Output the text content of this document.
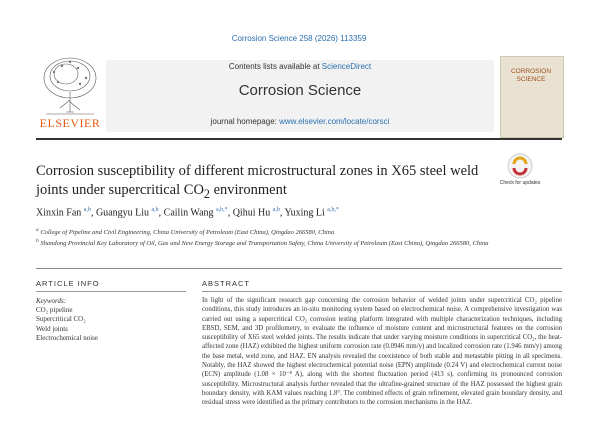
Corrosion Science 258 (2026) 113359
Contents lists available at ScienceDirect
Corrosion Science
journal homepage: www.elsevier.com/locate/corsci
ELSEVIER
CORROSION SCIENCE
Corrosion susceptibility of different microstructural zones in X65 steel weld
joints under supercritical $CO_2$ environment	Check for updates
Xinxin Fan $^{a,b}$, Guangyu Liu $^{a,b}$, Cailin Wang $^{a,b,*}$, Qihui Hu $^{a,b}$, Yuxing Li $^{a,b,*}$
$^a$ College of Pipeline and Civil Engineering, China University of Petroleum (East China), Qingdao 266580, China
$^b$ Shandong Provincial Key Laboratory of Oil, Gas and New Energy Storage and Transportation Safety, China University of Petroleum (East China), Qingdao 266580, China
ARTICLE INFO	ABSTRACT
Keywords:
CO₂ pipeline
Supercritical CO₂
Weld joints
Electrochemical noise
In light of the significant research gap concerning the corrosion behavior of welded joints under supercritical CO₂ pipeline conditions, this study introduces an in-situ monitoring system based on electrochemical noise. A comprehensive investigation was carried out using a supercritical CO₂ corrosion testing platform integrated with multiple characterization techniques, including EBSD, SEM, and 3D profilometry, to evaluate the influence of moisture content and microstructural features on the corrosion susceptibility of X65 steel welded joints. The results indicate that under varying moisture conditions in supercritical CO₂, the heat-affected zone (HAZ) exhibited the highest uniform corrosion rate (0.0946 mm/y) and localized corrosion rate (1.946 mm/y) among the base metal, weld zone, and HAZ. EN analysis revealed the coexistence of both stable and metastable pitting in all specimens. Notably, the HAZ showed the highest electrochemical potential noise (EPN) amplitude (0.24 V) and electrochemical current noise (ECN) amplitude (1.08 × 10⁻⁸ A), along with the shortest fluctuation period (413 s), confirming its pronounced corrosion susceptibility. Microstructural analysis further revealed that the ultrafine-grained structure of the HAZ possessed the highest grain boundary density, with KAM values reaching 1.8°. The combined effects of grain refinement, elevated grain boundary density, and residual stress were identified as the primary contributors to the corrosion mechanisms in the HAZ.
